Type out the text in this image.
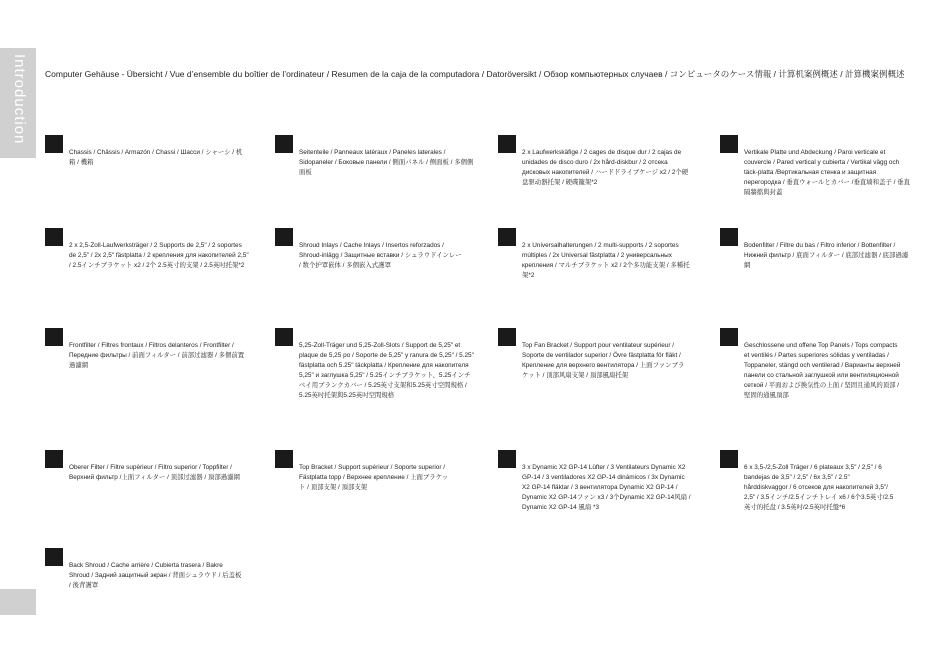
Introduction Computer Gehäuse - Übersicht / Vue d’ensemble du boîtier de l’ordinateur / Resumen de la caja de la computadora / Datoröversikt / Обзор компьютерных случаев / コンピュータのケース情報 / 计算机案例概述 / 計算機案例概述
Chassis / Châssis / Armazón / Chassi / Шасси / シャーシ / 机箱 / 機箱
Seitenteile / Panneaux latéraux / Paneles laterales / Sidopaneler / Боковые панели / 側面パネル / 侧面板 / 多個側面板
2 x Laufwerkskäfige / 2 cages de disque dur / 2 cajas de unidades de disco duro / 2x hård-diskbur / 2 отсека дисковых накопителей / ハードドライブケージ x2 / 2个硬盘驱动器托架 / 硬碟籠架*2
Vertikale Platte und Abdeckung / Paroi verticale et couvercle / Pared vertical y cubierta / Vertikal vägg och täck-platta /Вертикальная стенка и защитная перегородка / 垂直ウォールとカバー /垂直墙和盖子 / 垂直隔牆擋與封蓋
2 x 2,5-Zoll-Laufwerksträger / 2 Supports de 2,5" / 2 soportes de 2,5" / 2x 2,5" fästplatta / 2 крепления для накопителей 2,5" / 2.5インチブラケット x2 / 2个 2.5英寸的支架 / 2.5英吋托架*2
Shroud Inlays / Cache Inlays / Insertos reforzados / Shroud-inlägg / Защитные вставки / シュラウドインレー / 数个护罩嵌体 / 多個嵌入式護罩
2 x Universalhalterungen / 2 multi-supports / 2 soportes múltiples / 2x Universal fästplatta / 2 универсальных крепления / マルチブラケット x2 / 2个多功能支架 / 多種托架*2
Bodenfilter / Filtre du bas / Filtro inferior / Bottenfilter / Нижний фильтр / 底面フィルター / 底部过滤器 / 底部過濾網
Frontfilter / Filtres frontaux / Filtros delanteros / Frontfilter / Передние фильтры / 前面フィルター / 前部过滤器 / 多個前置過濾網
5,25-Zoll-Träger und 5,25-Zoll-Slots / Support de 5,25" et plaque de 5,25 po / Soporte de 5,25" y ranura de 5,25" / 5.25" fästplatta och 5.25" täckplatta / Крепление для накопителя 5,25" и заглушка 5,25" / 5.25インチブラケット、5.25インチベイ用ブランクカバー / 5.25英寸支架和5.25英寸空間規格 / 5.25英吋托架與5.25英吋空間規格
Top Fan Bracket / Support pour ventilateur supérieur / Soporte de ventilador superior / Övre fästplatta för fläkt / Крепление для верхнего вентилятора / 上面ファンブラケット / 顶部风扇支架 / 頂部風扇托架
Geschlossene und offene Top Panels / Tops compacts et ventilés / Partes superiores sólidas y ventiladas / Toppaneler, stängd och ventilerad / Варианты верхней панели со стальной заглушкой или вентиляционной сеткой / 平面および換気性の上面 / 坚固且通风的顶部 / 堅固的通風頂部
Oberer Filter / Filtre supérieur / Filtro superior / Toppfilter / Верхний фильтр /上面フィルター / 顶部过滤器 / 頂部過濾網
Top Bracket / Support supérieur / Soporte superior / Fästplatta topp / Верхнее крепление / 上面ブラケット / 顶部支架 / 頂部支架
3 x Dynamic X2 GP-14 Lüfter / 3 Ventilateurs Dynamic X2 GP-14 / 3 ventiladores X2 GP-14 dinámicos / 3x Dynamic X2 GP-14 fläktar / 3 вентилятора Dynamic X2 GP-14 / Dynamic X2 GP-14ファン x3 / 3个Dynamic X2 GP-14风扇 / Dynamic X2 GP-14 風扇 *3
6 x 3,5-/2,5-Zoll Träger / 6 plateaux 3,5" / 2,5" / 6 bandejas de 3,5" / 2,5" / 6x 3,5" / 2.5" hårddiskvaggor / 6 отсеков для накопителей 3,5"/ 2,5" / 3.5インチ/2.5インチトレイ x6 / 6个3.5英寸/2.5英寸的托盘 / 3.5英吋/2.5英吋托盤*6
Back Shroud / Cache arrière / Cubierta trasera / Bakre Shroud / Задний защитный экран / 背面シュラウド / 后盖板 / 後背護罩
